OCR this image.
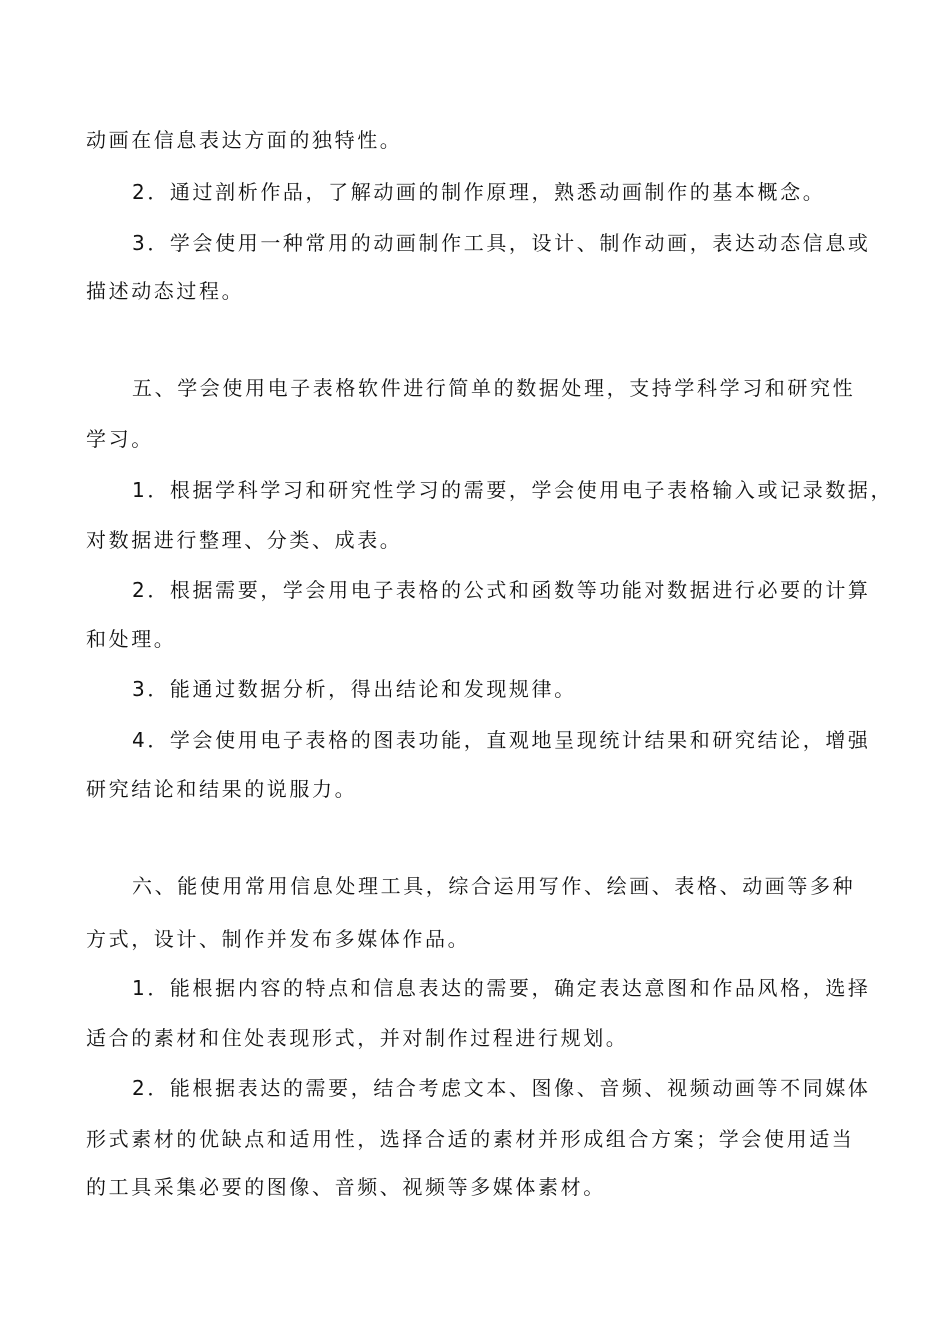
动画在信息表达方面的独特性。

2．通过剖析作品，了解动画的制作原理，熟悉动画制作的基本概念。

3．学会使用一种常用的动画制作工具，设计、制作动画，表达动态信息或

描述动态过程。

五、学会使用电子表格软件进行简单的数据处理，支持学科学习和研究性

学习。

1．根据学科学习和研究性学习的需要，学会使用电子表格输入或记录数据，

对数据进行整理、分类、成表。

2．根据需要，学会用电子表格的公式和函数等功能对数据进行必要的计算

和处理。

3．能通过数据分析，得出结论和发现规律。

4．学会使用电子表格的图表功能，直观地呈现统计结果和研究结论，增强

研究结论和结果的说服力。

六、能使用常用信息处理工具，综合运用写作、绘画、表格、动画等多种

方式，设计、制作并发布多媒体作品。

1．能根据内容的特点和信息表达的需要，确定表达意图和作品风格，选择

适合的素材和住处表现形式，并对制作过程进行规划。

2．能根据表达的需要，结合考虑文本、图像、音频、视频动画等不同媒体

形式素材的优缺点和适用性，选择合适的素材并形成组合方案；学会使用适当

的工具采集必要的图像、音频、视频等多媒体素材。
